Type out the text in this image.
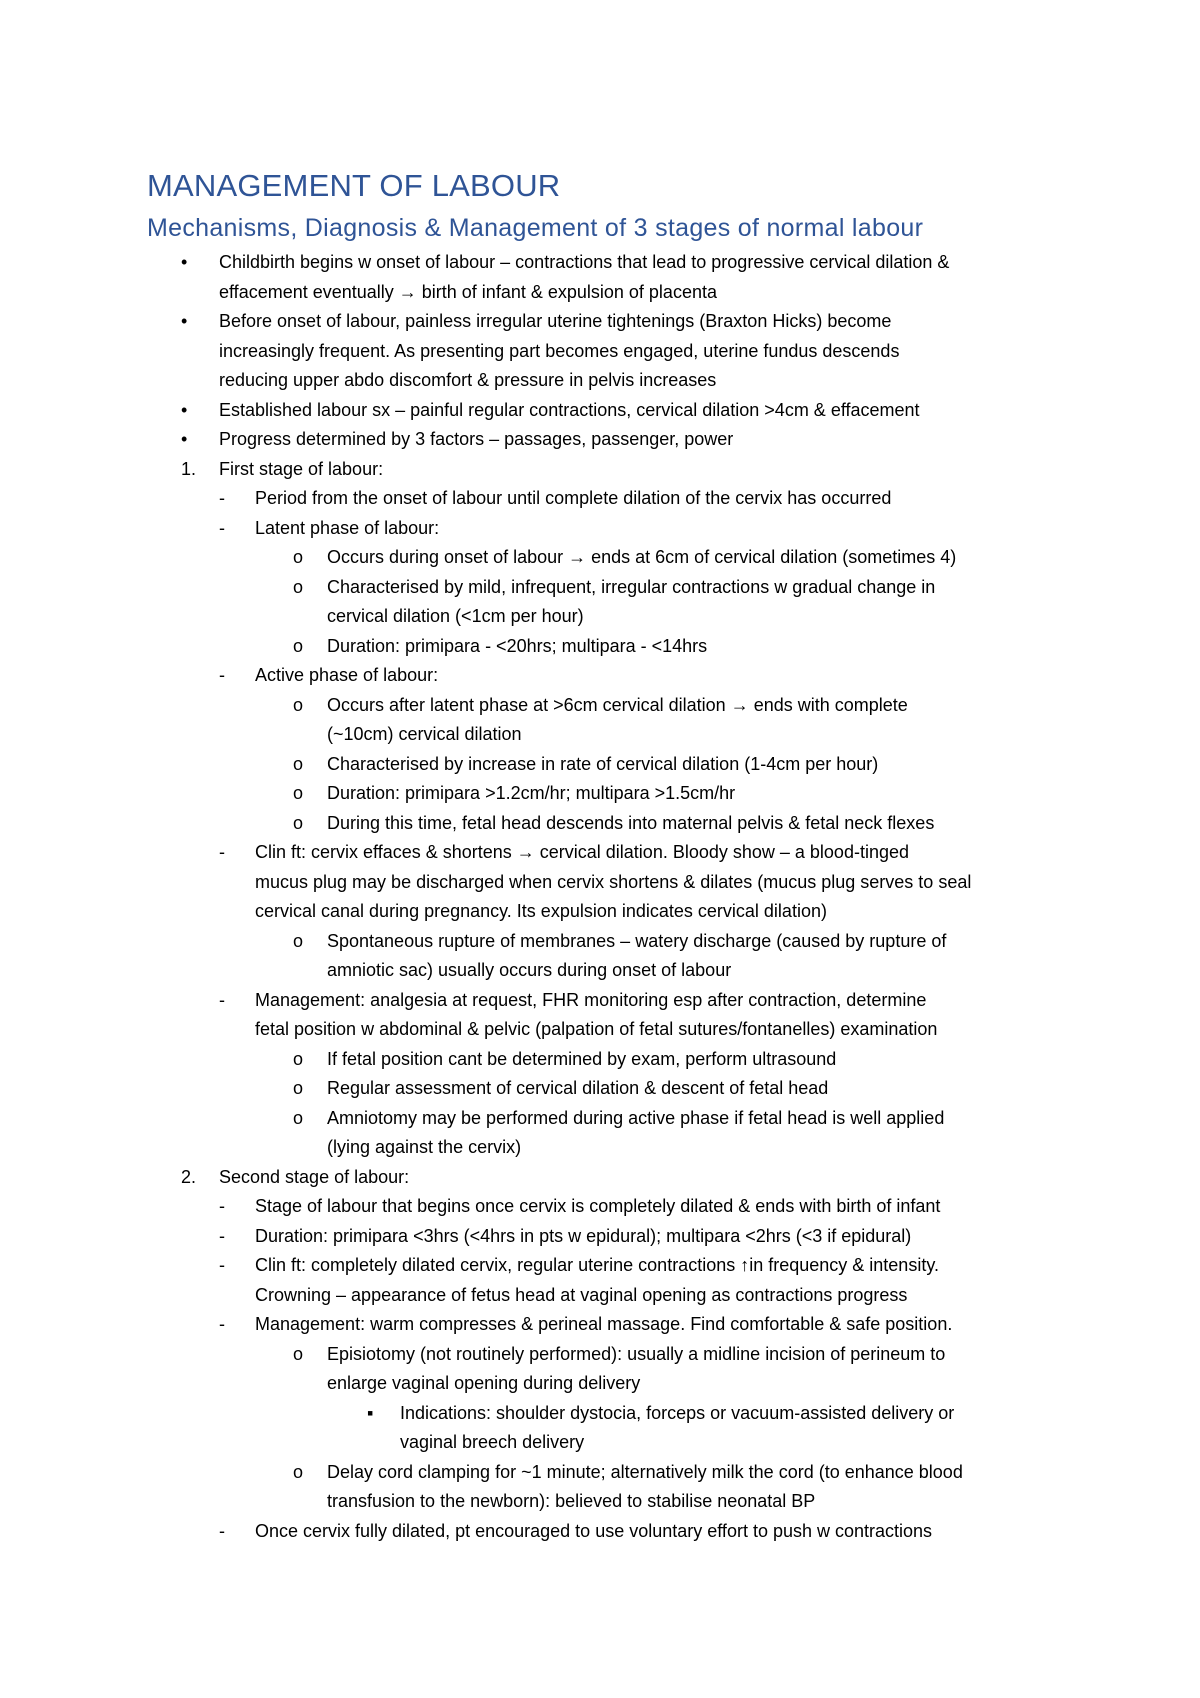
MANAGEMENT OF LABOUR
Mechanisms, Diagnosis & Management of 3 stages of normal labour
• Childbirth begins w onset of labour – contractions that lead to progressive cervical dilation &
effacement eventually → birth of infant & expulsion of placenta
• Before onset of labour, painless irregular uterine tightenings (Braxton Hicks) become
increasingly frequent. As presenting part becomes engaged, uterine fundus descends
reducing upper abdo discomfort & pressure in pelvis increases
• Established labour sx – painful regular contractions, cervical dilation >4cm & effacement
• Progress determined by 3 factors – passages, passenger, power
1. First stage of labour:
- Period from the onset of labour until complete dilation of the cervix has occurred
- Latent phase of labour:
o Occurs during onset of labour → ends at 6cm of cervical dilation (sometimes 4)
o Characterised by mild, infrequent, irregular contractions w gradual change in
cervical dilation (<1cm per hour)
o Duration: primipara - <20hrs; multipara - <14hrs
- Active phase of labour:
o Occurs after latent phase at >6cm cervical dilation → ends with complete
(~10cm) cervical dilation
o Characterised by increase in rate of cervical dilation (1-4cm per hour)
o Duration: primipara >1.2cm/hr; multipara >1.5cm/hr
o During this time, fetal head descends into maternal pelvis & fetal neck flexes
- Clin ft: cervix effaces & shortens → cervical dilation. Bloody show – a blood-tinged
mucus plug may be discharged when cervix shortens & dilates (mucus plug serves to seal
cervical canal during pregnancy. Its expulsion indicates cervical dilation)
o Spontaneous rupture of membranes – watery discharge (caused by rupture of
amniotic sac) usually occurs during onset of labour
- Management: analgesia at request, FHR monitoring esp after contraction, determine
fetal position w abdominal & pelvic (palpation of fetal sutures/fontanelles) examination
o If fetal position cant be determined by exam, perform ultrasound
o Regular assessment of cervical dilation & descent of fetal head
o Amniotomy may be performed during active phase if fetal head is well applied
(lying against the cervix)
2. Second stage of labour:
- Stage of labour that begins once cervix is completely dilated & ends with birth of infant
- Duration: primipara <3hrs (<4hrs in pts w epidural); multipara <2hrs (<3 if epidural)
- Clin ft: completely dilated cervix, regular uterine contractions ↑in frequency & intensity.
Crowning – appearance of fetus head at vaginal opening as contractions progress
- Management: warm compresses & perineal massage. Find comfortable & safe position.
o Episiotomy (not routinely performed): usually a midline incision of perineum to
enlarge vaginal opening during delivery
▪ Indications: shoulder dystocia, forceps or vacuum-assisted delivery or
vaginal breech delivery
o Delay cord clamping for ~1 minute; alternatively milk the cord (to enhance blood
transfusion to the newborn): believed to stabilise neonatal BP
- Once cervix fully dilated, pt encouraged to use voluntary effort to push w contractions
